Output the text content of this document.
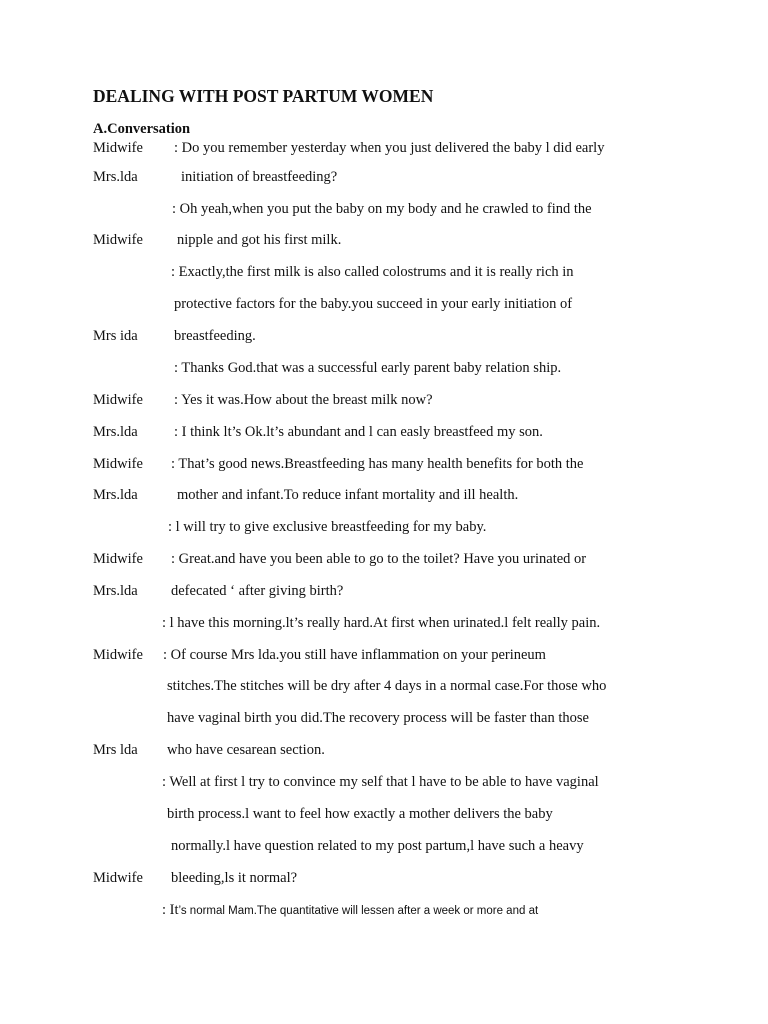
DEALING WITH POST PARTUM WOMEN
A.Conversation
Midwife
Mrs.lda
Midwife
Mrs ida
Midwife
Mrs.lda
Midwife
Mrs.lda
Midwife
Mrs.lda
Midwife
Mrs lda
Midwife
: Do you remember yesterday when you just delivered the baby l did early
initiation of breastfeeding?
: Oh yeah,when you put the baby on my body and he crawled to find the
nipple and got his first milk.
: Exactly,the first milk is also called colostrums and it is really rich in
protective factors for the baby.you succeed in your early initiation of
breastfeeding.
: Thanks God.that was a successful early parent baby relation ship.
: Yes it was.How about the breast milk now?
: I think lt’s Ok.lt’s abundant and l can easly breastfeed my son.
: That’s good news.Breastfeeding has many health benefits for both the
mother and infant.To reduce infant mortality and ill health.
: l will try to give exclusive breastfeeding for my baby.
: Great.and have you been able to go to the toilet? Have you urinated or
defecated ‘ after giving birth?
: l have this morning.lt’s really hard.At first when urinated.l felt really pain.
: Of course Mrs lda.you still have inflammation on your perineum
stitches.The stitches will be dry after 4 days in a normal case.For those who
have vaginal birth you did.The recovery process will be faster than those
who have cesarean section.
: Well at first l try to convince my self that l have to be able to have vaginal
birth process.l want to feel how exactly a mother delivers the baby
normally.l have question related to my post partum,l have such a heavy
bleeding,ls it normal?
: It’s normal Mam.The quantitative will lessen after a week or more and at
